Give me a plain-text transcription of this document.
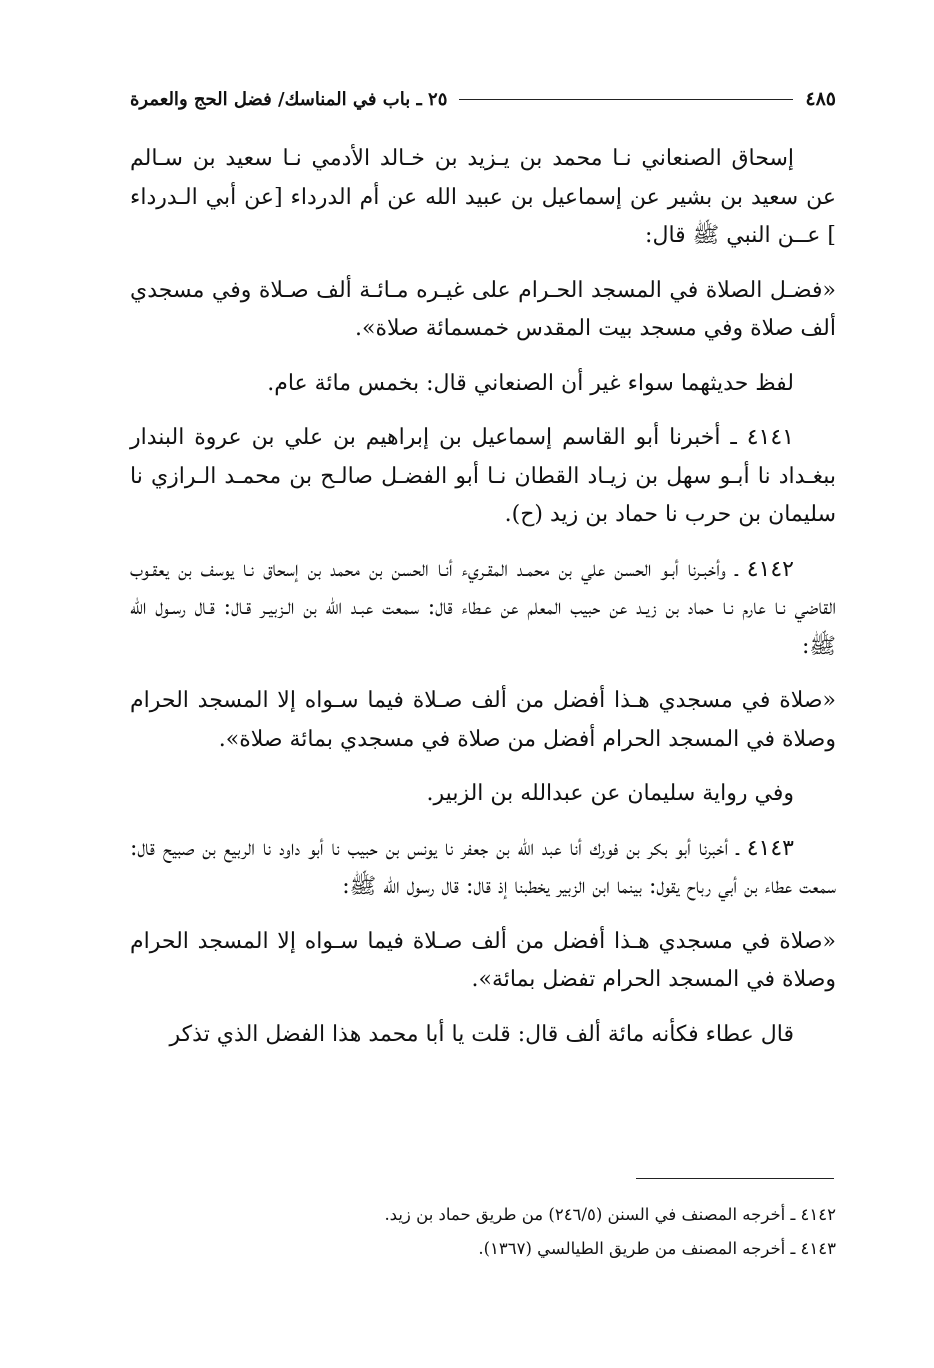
٢٥ ـ باب في المناسك/ فضل الحج والعمرة	٤٨٥

إسحاق الصنعاني نـا محمد بن يـزيد بن خـالد الأدمي نـا سعيد بن سـالم عن سعيد بن بشير عن إسماعيل بن عبيد الله عن أم الدرداء [عن أبي الـدرداء ] عــن النبي ﷺ قال:

«فضـل الصلاة في المسجد الحـرام على غيـره مـائـة ألف صـلاة وفي مسجدي ألف صلاة وفي مسجد بيت المقدس خمسمائة صلاة».

لفظ حديثهما سواء غير أن الصنعاني قال: بخمس مائة عام.

٤١٤١ ـ أخبرنا أبو القاسم إسماعيل بن إبراهيم بن علي بن عروة البندار ببغـداد نا أبـو سهل بن زيـاد القطان نـا أبو الفضـل صالـح بن محمـد الـرازي نا سليمان بن حرب نا حماد بن زيد (ح).

٤١٤٢ ـ وأخبـرنا أبـو الحسن علي بن محمـد المقـريء أنـا الحسن بن محمد بن إسحاق نـا يوسف بن يعقـوب القاضي نـا عارم نـا حماد بن زيـد عن حبيب المعلم عن عـطاء قال: سمعت عبـد الله بن الـزبيـر قـال: قـال رسـول الله ﷺ:

«صلاة في مسجدي هـذا أفضل من ألف صـلاة فيما سـواه إلا المسجد الحرام وصلاة في المسجد الحرام أفضل من صلاة في مسجدي بمائة صلاة».

وفي رواية سليمان عن عبدالله بن الزبير.

٤١٤٣ ـ أخبرنا أبو بكر بن فورك أنا عبد الله بن جعفر نا يونس بن حبيب نا أبو داود نا الربيع بن صبيح قال: سمعت عطاء بن أبي رباح يقول: بينما ابن الزبير يخطبنا إذ قال: قال رسول الله ﷺ:

«صلاة في مسجدي هـذا أفضل من ألف صـلاة فيما سـواه إلا المسجد الحرام وصلاة في المسجد الحرام تفضل بمائة».

قال عطاء فكأنه مائة ألف قال: قلت يا أبا محمد هذا الفضل الذي تذكر

٤١٤٢ ـ أخرجه المصنف في السنن (٢٤٦/٥) من طريق حماد بن زيد.

٤١٤٣ ـ أخرجه المصنف من طريق الطيالسي (١٣٦٧).
